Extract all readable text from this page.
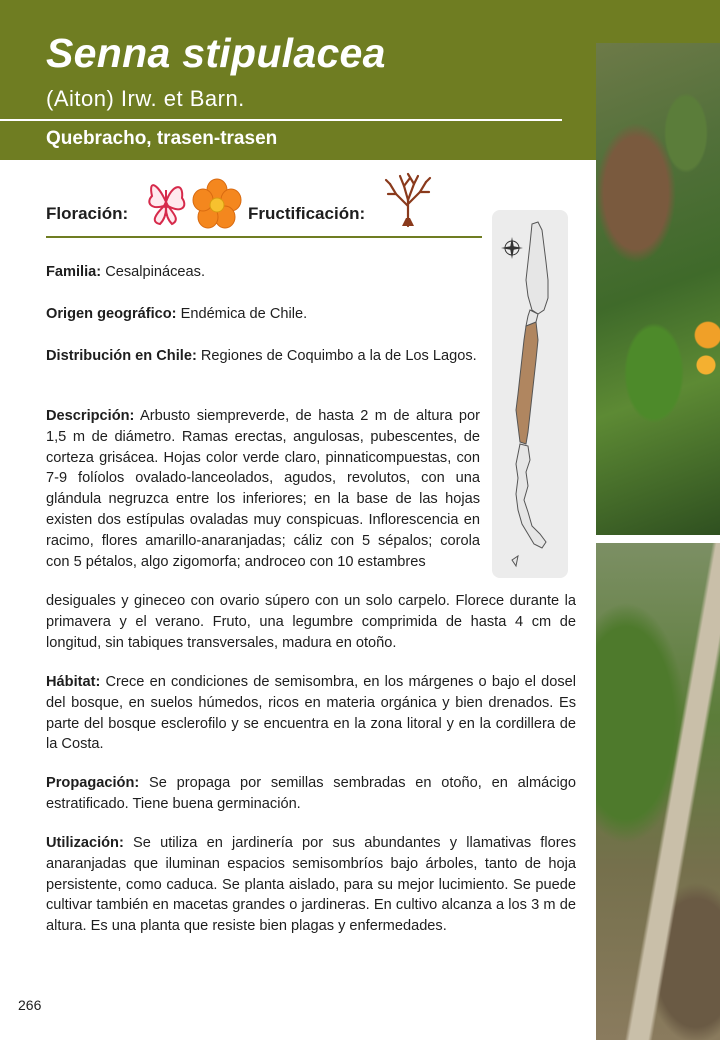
Senna stipulacea
(Aiton) Irw. et Barn.
Quebracho, trasen-trasen
Floración:	Fructificación:

Familia: Cesalpináceas.

Origen geográfico: Endémica de Chile.

Distribución en Chile: Regiones de Coquimbo a la de Los Lagos.

Descripción: Arbusto siempreverde, de hasta 2 m de altura por 1,5 m de diámetro. Ramas erectas, angulosas, pubescentes, de corteza grisácea. Hojas color verde claro, pinnaticompuestas, con 7-9 folíolos ovalado-lanceolados, agudos, revolutos, con una glándula negruzca entre los inferiores; en la base de las hojas existen dos estípulas ovaladas muy conspicuas. Inflorescencia en racimo, flores amarillo-anaranjadas; cáliz con 5 sépalos; corola con 5 pétalos, algo zigomorfa; androceo con 10 estambres

desiguales y gineceo con ovario súpero con un solo carpelo. Florece durante la primavera y el verano. Fruto, una legumbre comprimida de hasta 4 cm de longitud, sin tabiques transversales, madura en otoño.

Hábitat: Crece en condiciones de semisombra, en los márgenes o bajo el dosel del bosque, en suelos húmedos, ricos en materia orgánica y bien drenados. Es parte del bosque esclerofilo y se encuentra en la zona litoral y en la cordillera de la Costa.

Propagación: Se propaga por semillas sembradas en otoño, en almácigo estratificado. Tiene buena germinación.

Utilización: Se utiliza en jardinería por sus abundantes y llamativas flores anaranjadas que iluminan espacios semisombríos bajo árboles, tanto de hoja persistente, como caduca. Se planta aislado, para su mejor lucimiento. Se puede cultivar también en macetas grandes o jardineras. En cultivo alcanza a los 3 m de altura. Es una planta que resiste bien plagas y enfermedades.

266
